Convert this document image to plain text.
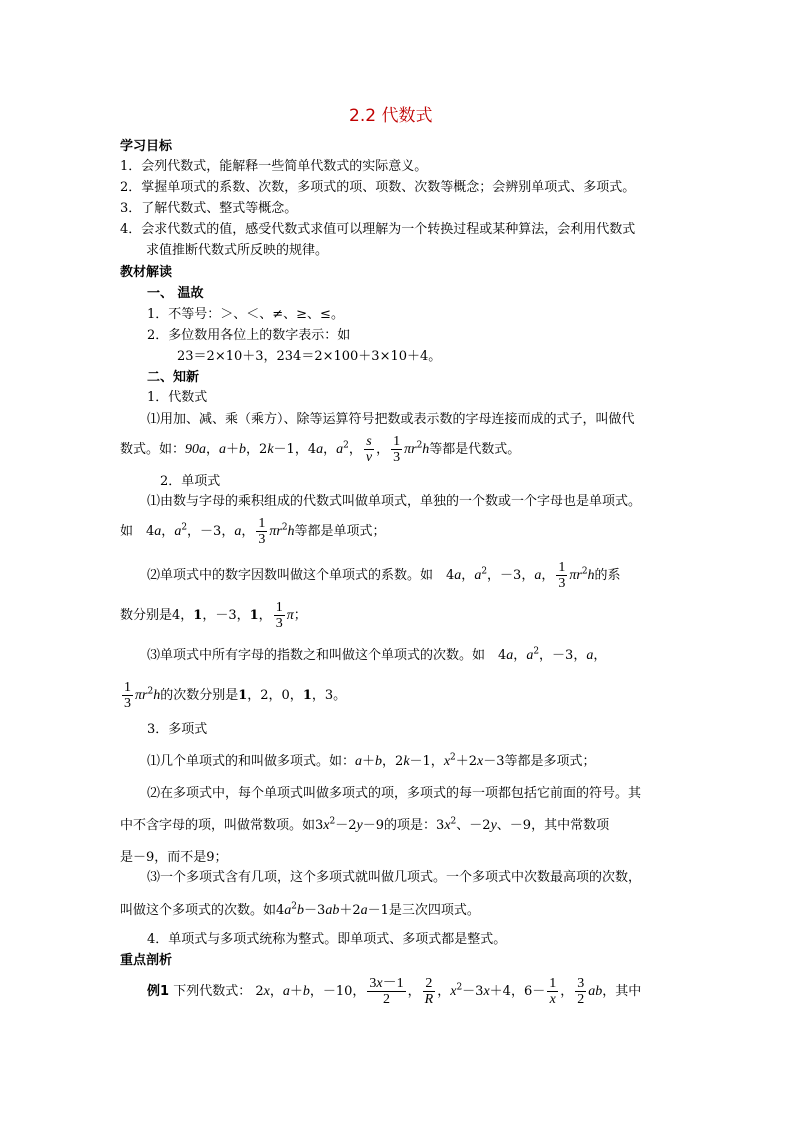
2.2 代数式
学习目标
1．会列代数式，能解释一些简单代数式的实际意义。
2．掌握单项式的系数、次数，多项式的项、项数、次数等概念；会辨别单项式、多项式。
3．了解代数式、整式等概念。
4．会求代数式的值，感受代数式求值可以理解为一个转换过程或某种算法，会利用代数式
求值推断代数式所反映的规律。
教材解读
一、 温故
1．不等号：＞、＜、≠、≥、≤。
2．多位数用各位上的数字表示：如
23＝2×10＋3，234＝2×100＋3×10＋4。
二、知新
1．代数式
⑴用加、减、乘（乘方）、除等运算符号把数或表示数的字母连接而成的式子，叫做代
数式。如：90a，a＋b，2k－1，4a，$a^2$， $\frac{s}{v}$ ， $\frac{1}{3} \pi r^2h$等都是代数式。
2．单项式
⑴由数与字母的乘积组成的代数式叫做单项式，单独的一个数或一个字母也是单项式。
如　4a，$a^2$，－3，a， $\frac{1}{3} \pi r^2h$等都是单项式；
⑵单项式中的数字因数叫做这个单项式的系数。如　4a，$a^2$，－3，a， $\frac{1}{3} \pi r^2h$的系
数分别是4，1，－3，1， $\frac{1}{3}$ π；
⑶单项式中所有字母的指数之和叫做这个单项式的次数。如　4a，$a^2$，－3，a，
$\frac{1}{3} \pi r^2h$的次数分别是1，2，0，1，3。
3．多项式
⑴几个单项式的和叫做多项式。如：a＋b，2k－1，$x^2+2x-3$等都是多项式；
⑵在多项式中，每个单项式叫做多项式的项，多项式的每一项都包括它前面的符号。其
中不含字母的项，叫做常数项。如$3x^2-2y-9$的项是：$3x^2$、－2y、－9，其中常数项
是－9，而不是9；
⑶一个多项式含有几项，这个多项式就叫做几项式。一个多项式中次数最高项的次数，
叫做这个多项式的次数。如$4a^2b-3ab+2a-1$是三次四项式。
4．单项式与多项式统称为整式。即单项式、多项式都是整式。
重点剖析
例1 下列代数式： 2x，a＋b，－10， $\frac{3x-1}{2}$ ， $\frac{2}{R}$ ，$x^2-3x+4$，$6- \frac{1}{x}$ ， $\frac{3}{2}$ ab，其中
